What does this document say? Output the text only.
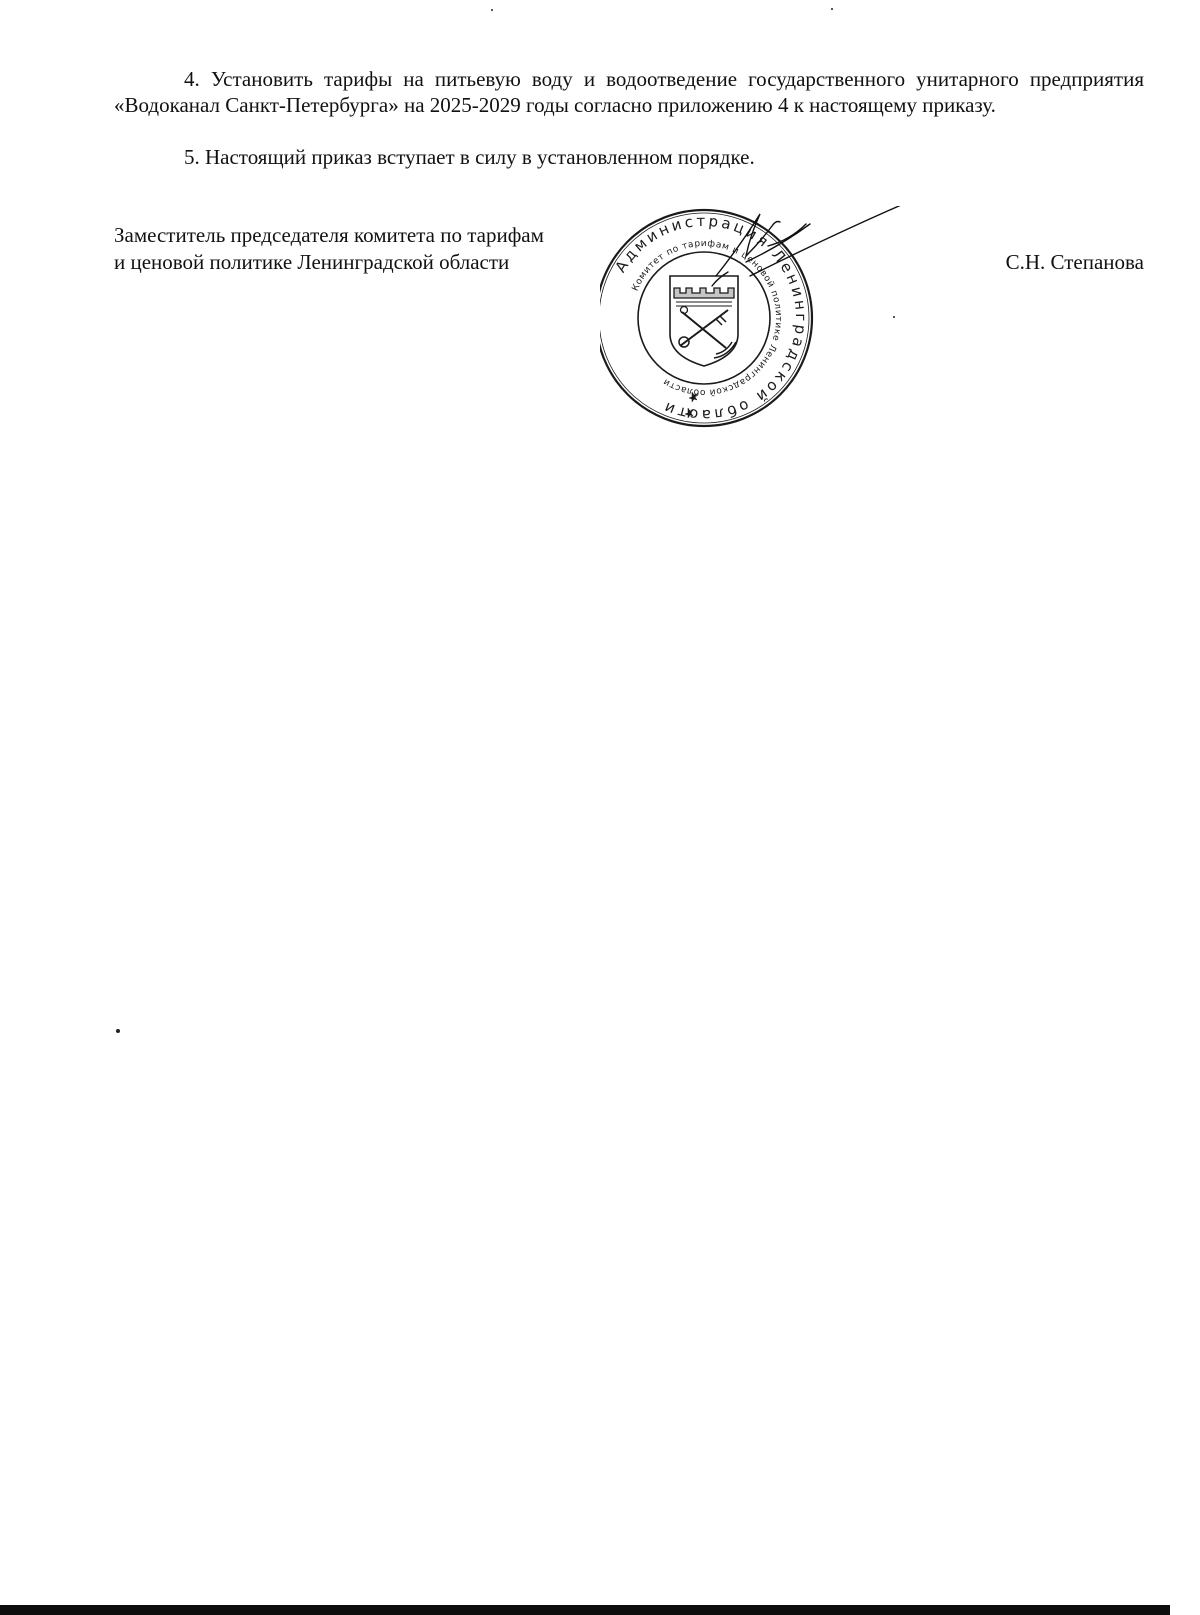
4. Установить тарифы на питьевую воду и водоотведение государственного унитарного предприятия «Водоканал Санкт-Петербурга» на 2025-2029 годы согласно приложению 4 к настоящему приказу.

5. Настоящий приказ вступает в силу в установленном порядке.

Заместитель председателя комитета по тарифам
и ценовой политике Ленинградской области	С.Н. Степанова
Администрация Ленинградской области
Комитет по тарифам и ценовой политике Ленинградской области
